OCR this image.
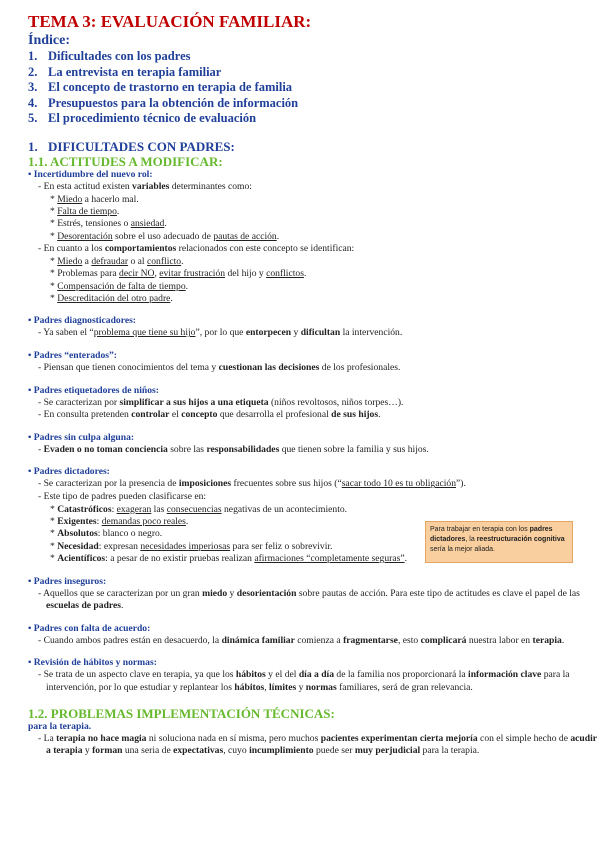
TEMA 3: EVALUACIÓN FAMILIAR:
Índice:
1. Dificultades con los padres
2. La entrevista en terapia familiar
3. El concepto de trastorno en terapia de familia
4. Presupuestos para la obtención de información
5. El procedimiento técnico de evaluación
1. DIFICULTADES CON PADRES:
1.1. ACTITUDES A MODIFICAR:
• Incertidumbre del nuevo rol:
- En esta actitud existen variables determinantes como:
* Miedo a hacerlo mal.
* Falta de tiempo.
* Estrés, tensiones o ansiedad.
* Desorentación sobre el uso adecuado de pautas de acción.
- En cuanto a los comportamientos relacionados con este concepto se identifican:
* Miedo a defraudar o al conflicto.
* Problemas para decir NO, evitar frustración del hijo y conflictos.
* Compensación de falta de tiempo.
* Descreditación del otro padre.
• Padres diagnosticadores:
- Ya saben el “problema que tiene su hijo”, por lo que entorpecen y dificultan la intervención.
• Padres “enterados”:
- Piensan que tienen conocimientos del tema y cuestionan las decisiones de los profesionales.
• Padres etiquetadores de niños:
- Se caracterizan por simplificar a sus hijos a una etiqueta (niños revoltosos, niños torpes…).
- En consulta pretenden controlar el concepto que desarrolla el profesional de sus hijos.
• Padres sin culpa alguna:
- Evaden o no toman conciencia sobre las responsabilidades que tienen sobre la familia y sus hijos.
• Padres dictadores:
- Se caracterizan por la presencia de imposiciones frecuentes sobre sus hijos (“sacar todo 10 es tu obligación”).
- Este tipo de padres pueden clasificarse en:
* Catastróficos: exageran las consecuencias negativas de un acontecimiento.
* Exigentes: demandas poco reales.
* Absolutos: blanco o negro.
* Necesidad: expresan necesidades imperiosas para ser feliz o sobrevivir.
* Acientíficos: a pesar de no existir pruebas realizan afirmaciones “completamente seguras”.
• Padres inseguros:
- Aquellos que se caracterizan por un gran miedo y desorientación sobre pautas de acción. Para este tipo de actitudes es clave el papel de las escuelas de padres.
• Padres con falta de acuerdo:
- Cuando ambos padres están en desacuerdo, la dinámica familiar comienza a fragmentarse, esto complicará nuestra labor en terapia.
• Revisión de hábitos y normas:
- Se trata de un aspecto clave en terapia, ya que los hábitos y el del día a día de la familia nos proporcionará la información clave para la intervención, por lo que estudiar y replantear los hábitos, límites y normas familiares, será de gran relevancia.
1.2. PROBLEMAS IMPLEMENTACIÓN TÉCNICAS:
para la terapia.
- La terapia no hace magia ni soluciona nada en sí misma, pero muchos pacientes experimentan cierta mejoría con el simple hecho de acudir a terapia y forman una seria de expectativas, cuyo incumplimiento puede ser muy perjudicial para la terapia.
Para trabajar en terapia con los padres dictadores, la reestructuración cognitiva sería la mejor aliada.
